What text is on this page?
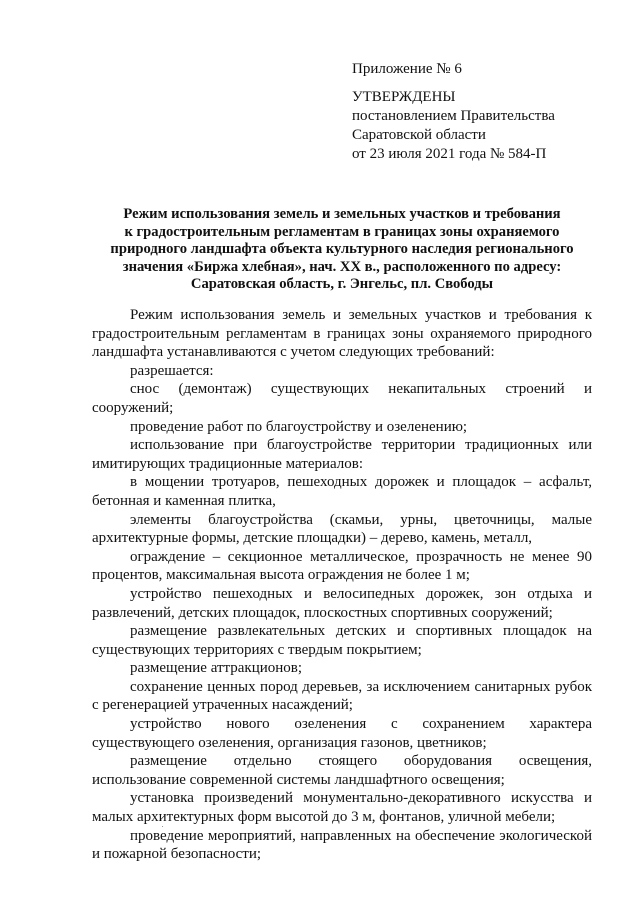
Приложение № 6
УТВЕРЖДЕНЫ
постановлением Правительства
Саратовской области
от 23 июля 2021 года № 584-П
Режим использования земель и земельных участков и требования
к градостроительным регламентам в границах зоны охраняемого
природного ландшафта объекта культурного наследия регионального
значения «Биржа хлебная», нач. XX в., расположенного по адресу:
Саратовская область, г. Энгельс, пл. Свободы

Режим использования земель и земельных участков и требования к градостроительным регламентам в границах зоны охраняемого природного ландшафта устанавливаются с учетом следующих требований:

разрешается:

снос (демонтаж) существующих некапитальных строений и сооружений;

проведение работ по благоустройству и озеленению;

использование при благоустройстве территории традиционных или имитирующих традиционные материалов:

в мощении тротуаров, пешеходных дорожек и площадок – асфальт, бетонная и каменная плитка,

элементы благоустройства (скамьи, урны, цветочницы, малые архитектурные формы, детские площадки) – дерево, камень, металл,

ограждение – секционное металлическое, прозрачность не менее 90 процентов, максимальная высота ограждения не более 1 м;

устройство пешеходных и велосипедных дорожек, зон отдыха и развлечений, детских площадок, плоскостных спортивных сооружений;

размещение развлекательных детских и спортивных площадок на существующих территориях с твердым покрытием;

размещение аттракционов;

сохранение ценных пород деревьев, за исключением санитарных рубок с регенерацией утраченных насаждений;

устройство нового озеленения с сохранением характера существующего озеленения, организация газонов, цветников;

размещение отдельно стоящего оборудования освещения, использование современной системы ландшафтного освещения;

установка произведений монументально-декоративного искусства и малых архитектурных форм высотой до 3 м, фонтанов, уличной мебели;

проведение мероприятий, направленных на обеспечение экологической и пожарной безопасности;
